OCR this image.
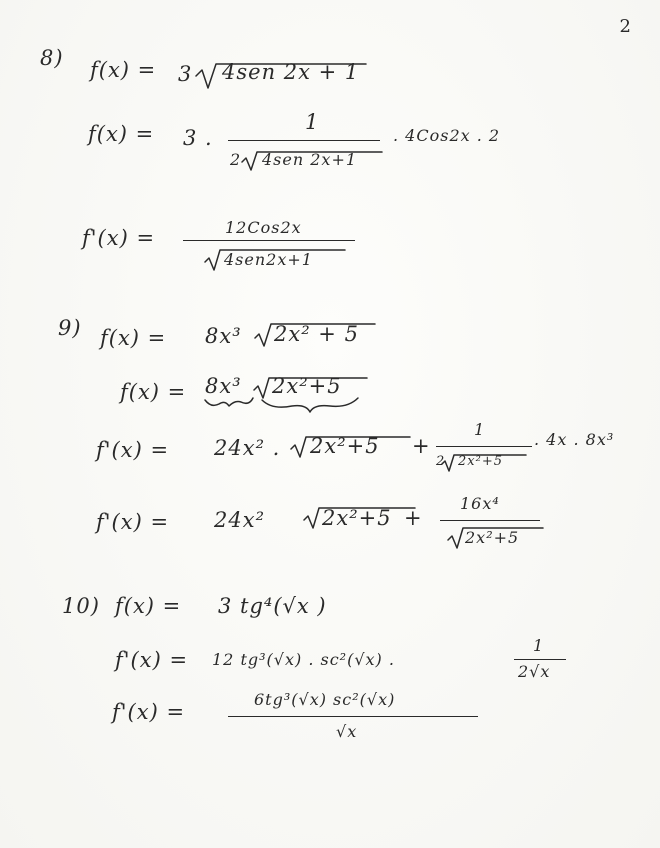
2
8) f(x) = 3 4sen 2x + 1
f(x) = 3 .
1
2 4sen 2x+1
. 4Cos2x . 2
f'(x) =	12Cos2x
4sen2x+1
9) f(x) = 8x³ 2x² + 5
f(x) = 8x³ 2x²+5
f'(x) = 24x² . 2x²+5 +
1
2 2x²+5
. 4x . 8x³
f'(x) = 24x²	2x²+5 +
16x⁴
2x²+5
10) f(x) = 3 tg⁴(√x )
f'(x) = 12 tg³(√x) . sc²(√x) .
1
2√x
f'(x) =
6tg³(√x) sc²(√x)
√x
